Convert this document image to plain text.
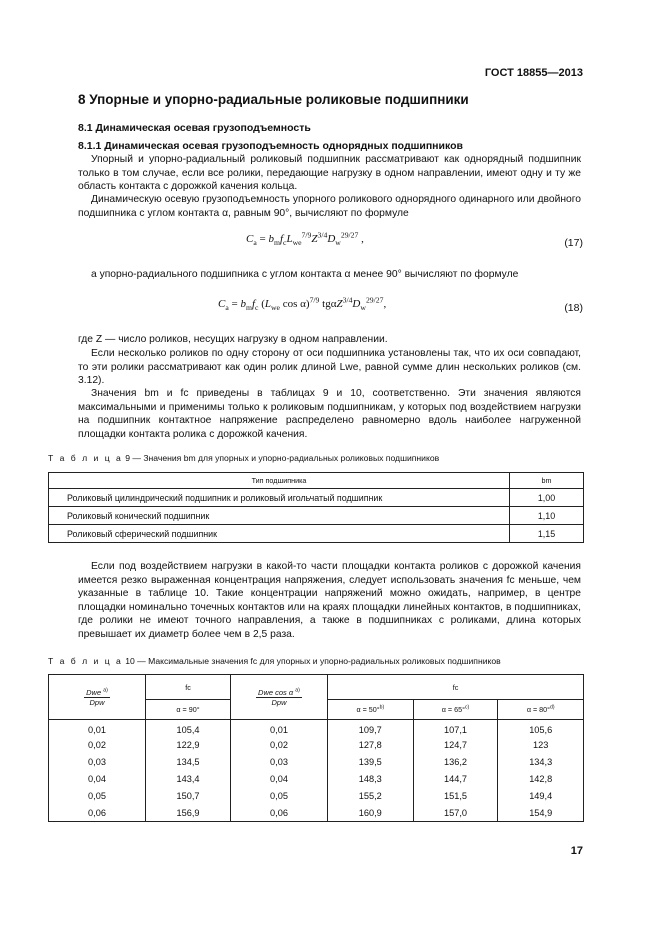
ГОСТ 18855—2013
8 Упорные и упорно-радиальные роликовые подшипники
8.1 Динамическая осевая грузоподъемность
8.1.1 Динамическая осевая грузоподъемность однорядных подшипников
Упорный и упорно-радиальный роликовый подшипник рассматривают как однорядный подшипник только в том случае, если все ролики, передающие нагрузку в одном направлении, имеют одну и ту же область контакта с дорожкой качения кольца.
Динамическую осевую грузоподъемность упорного роликового однорядного одинарного или двойного подшипника с углом контакта α, равным 90°, вычисляют по формуле
$C_a = b_mf_cL_{we}^{7/9}Z^{3/4}D_w^{29/27}$ ,	(17)
а упорно-радиального подшипника с углом контакта α менее 90° вычисляют по формуле
$C_a = b_mf_c$ ($L_{we}$ cos α)$^{7/9}$ $tg\alpha Z^{3/4}D_w^{29/27}$,	(18)
где Z — число роликов, несущих нагрузку в одном направлении.
Если несколько роликов по одну сторону от оси подшипника установлены так, что их оси совпадают, то эти ролики рассматривают как один ролик длиной Lwe, равной сумме длин нескольких роликов (см. 3.12).
Значения bm и fc приведены в таблицах 9 и 10, соответственно. Эти значения являются максимальными и применимы только к роликовым подшипникам, у которых под воздействием нагрузки на подшипник контактное напряжение распределено равномерно вдоль наиболее нагруженной площадки контакта ролика с дорожкой качения.
Т а б л и ц а 9 — Значения bm для упорных и упорно-радиальных роликовых подшипников
Тип подшипника	bm
Роликовый цилиндрический подшипник и роликовый игольчатый подшипник	1,00
Роликовый конический подшипник	1,10
Роликовый сферический подшипник	1,15
Если под воздействием нагрузки в какой-то части площадки контакта роликов с дорожкой качения имеется резко выраженная концентрация напряжения, следует использовать значения fc меньше, чем указанные в таблице 10. Такие концентрации напряжений можно ожидать, например, в центре площадки номинально точечных контактов или на краях площадки линейных контактов, в подшипниках, где ролики не имеют точного направления, а также в подшипниках с роликами, длина которых превышает их диаметр более чем в 2,5 раза.
Т а б л и ц а 10 — Максимальные значения fc для упорных и упорно-радиальных роликовых подшипников
$\frac{Dwe ^{a)}}{\text{Dpw}}$	fc	$\frac{Dwe \cos \alpha ^{a)}}{\text{Dpw}}$	fc		
	α = 90°		α = 50°$^{b)}$	α = 65°$^{c)}$	α = 80°$^{d)}$
0,01	105,4	0,01	109,7	107,1	105,6
0,02	122,9	0,02	127,8	124,7	123
0,03	134,5	0,03	139,5	136,2	134,3
0,04	143,4	0,04	148,3	144,7	142,8
0,05	150,7	0,05	155,2	151,5	149,4
0,06	156,9	0,06	160,9	157,0	154,9
17
